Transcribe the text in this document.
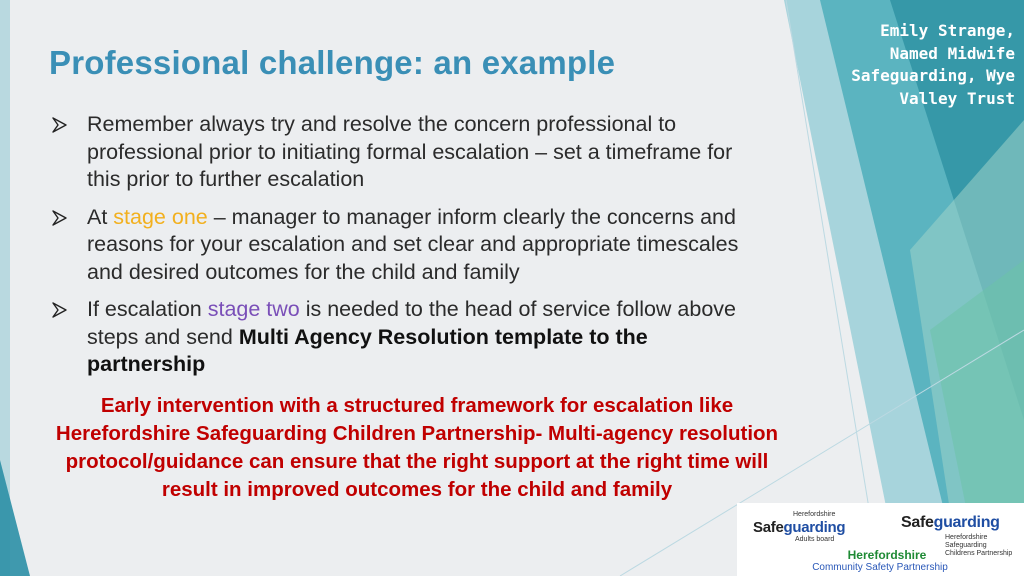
Professional challenge: an example
Emily Strange,
Named Midwife
Safeguarding, Wye
Valley Trust
Remember always try and resolve the concern professional to professional prior to initiating formal escalation – set a timeframe for this prior to further escalation
At stage one – manager to manager inform clearly the concerns and reasons for your escalation and set clear and appropriate timescales and desired outcomes for the child and family
If escalation stage two is needed to the head of service follow above steps and send Multi Agency Resolution template to the partnership

Early intervention with a structured framework for escalation like Herefordshire Safeguarding Children Partnership- Multi-agency resolution protocol/guidance can ensure that the right support at the right time will result in improved outcomes for the child and family

Herefordshire
Safeguarding
Adults board
Safeguarding
Herefordshire Safeguarding
Childrens Partnership
Herefordshire
Community Safety Partnership
